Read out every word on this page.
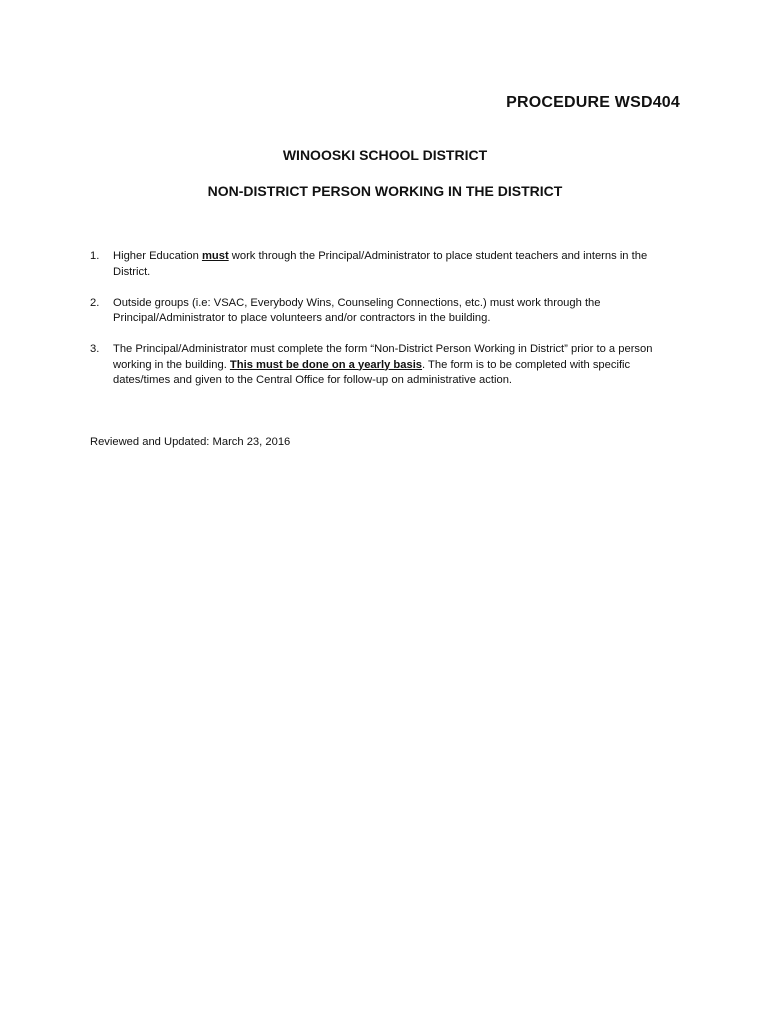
PROCEDURE WSD404
WINOOSKI SCHOOL DISTRICT
NON-DISTRICT PERSON WORKING IN THE DISTRICT
1. Higher Education must work through the Principal/Administrator to place student teachers and interns in the District.
2. Outside groups (i.e: VSAC, Everybody Wins, Counseling Connections, etc.) must work through the Principal/Administrator to place volunteers and/or contractors in the building.
3. The Principal/Administrator must complete the form “Non-District Person Working in District” prior to a person working in the building. This must be done on a yearly basis. The form is to be completed with specific dates/times and given to the Central Office for follow-up on administrative action.
Reviewed and Updated: March 23, 2016
